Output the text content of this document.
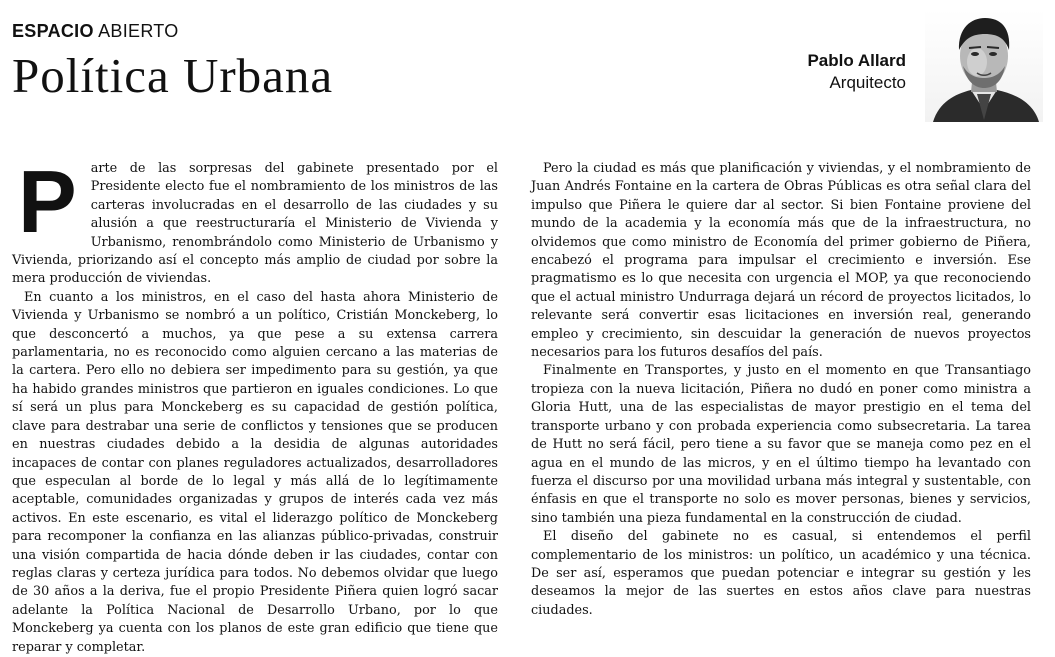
ESPACIO ABIERTO
Política Urbana	Pablo Allard
Arquitecto

P arte de las sorpresas del gabinete presentado por el Presidente electo fue el nombramiento de los ministros de las carteras involucradas en el desarrollo de las ciudades y su alusión a que reestructuraría el Ministerio de Vivienda y Urbanismo, renombrándolo como Ministerio de Urbanismo y Vivienda, priorizando así el concepto más amplio de ciudad por sobre la mera producción de viviendas.

En cuanto a los ministros, en el caso del hasta ahora Ministerio de Vivienda y Urbanismo se nombró a un político, Cristián Monckeberg, lo que desconcertó a muchos, ya que pese a su extensa carrera parlamentaria, no es reconocido como alguien cercano a las materias de la cartera. Pero ello no debiera ser impedimento para su gestión, ya que ha habido grandes ministros que partieron en iguales condiciones. Lo que sí será un plus para Monckeberg es su capacidad de gestión política, clave para destrabar una serie de conflictos y tensiones que se producen en nuestras ciudades debido a la desidia de algunas autoridades incapaces de contar con planes reguladores actualizados, desarrolladores que especulan al borde de lo legal y más allá de lo legítimamente aceptable, comunidades organizadas y grupos de interés cada vez más activos. En este escenario, es vital el liderazgo político de Monckeberg para recomponer la confianza en las alianzas público-privadas, construir una visión compartida de hacia dónde deben ir las ciudades, contar con reglas claras y certeza jurídica para todos. No debemos olvidar que luego de 30 años a la deriva, fue el propio Presidente Piñera quien logró sacar adelante la Política Nacional de Desarrollo Urbano, por lo que Monckeberg ya cuenta con los planos de este gran edificio que tiene que reparar y completar.

Pero la ciudad es más que planificación y viviendas, y el nombramiento de Juan Andrés Fontaine en la cartera de Obras Públicas es otra señal clara del impulso que Piñera le quiere dar al sector. Si bien Fontaine proviene del mundo de la academia y la economía más que de la infraestructura, no olvidemos que como ministro de Economía del primer gobierno de Piñera, encabezó el programa para impulsar el crecimiento e inversión. Ese pragmatismo es lo que necesita con urgencia el MOP, ya que reconociendo que el actual ministro Undurraga dejará un récord de proyectos licitados, lo relevante será convertir esas licitaciones en inversión real, generando empleo y crecimiento, sin descuidar la generación de nuevos proyectos necesarios para los futuros desafíos del país.

Finalmente en Transportes, y justo en el momento en que Transantiago tropieza con la nueva licitación, Piñera no dudó en poner como ministra a Gloria Hutt, una de las especialistas de mayor prestigio en el tema del transporte urbano y con probada experiencia como subsecretaria. La tarea de Hutt no será fácil, pero tiene a su favor que se maneja como pez en el agua en el mundo de las micros, y en el último tiempo ha levantado con fuerza el discurso por una movilidad urbana más integral y sustentable, con énfasis en que el transporte no solo es mover personas, bienes y servicios, sino también una pieza fundamental en la construcción de ciudad.

El diseño del gabinete no es casual, si entendemos el perfil complementario de los ministros: un político, un académico y una técnica. De ser así, esperamos que puedan potenciar e integrar su gestión y les deseamos la mejor de las suertes en estos años clave para nuestras ciudades.
